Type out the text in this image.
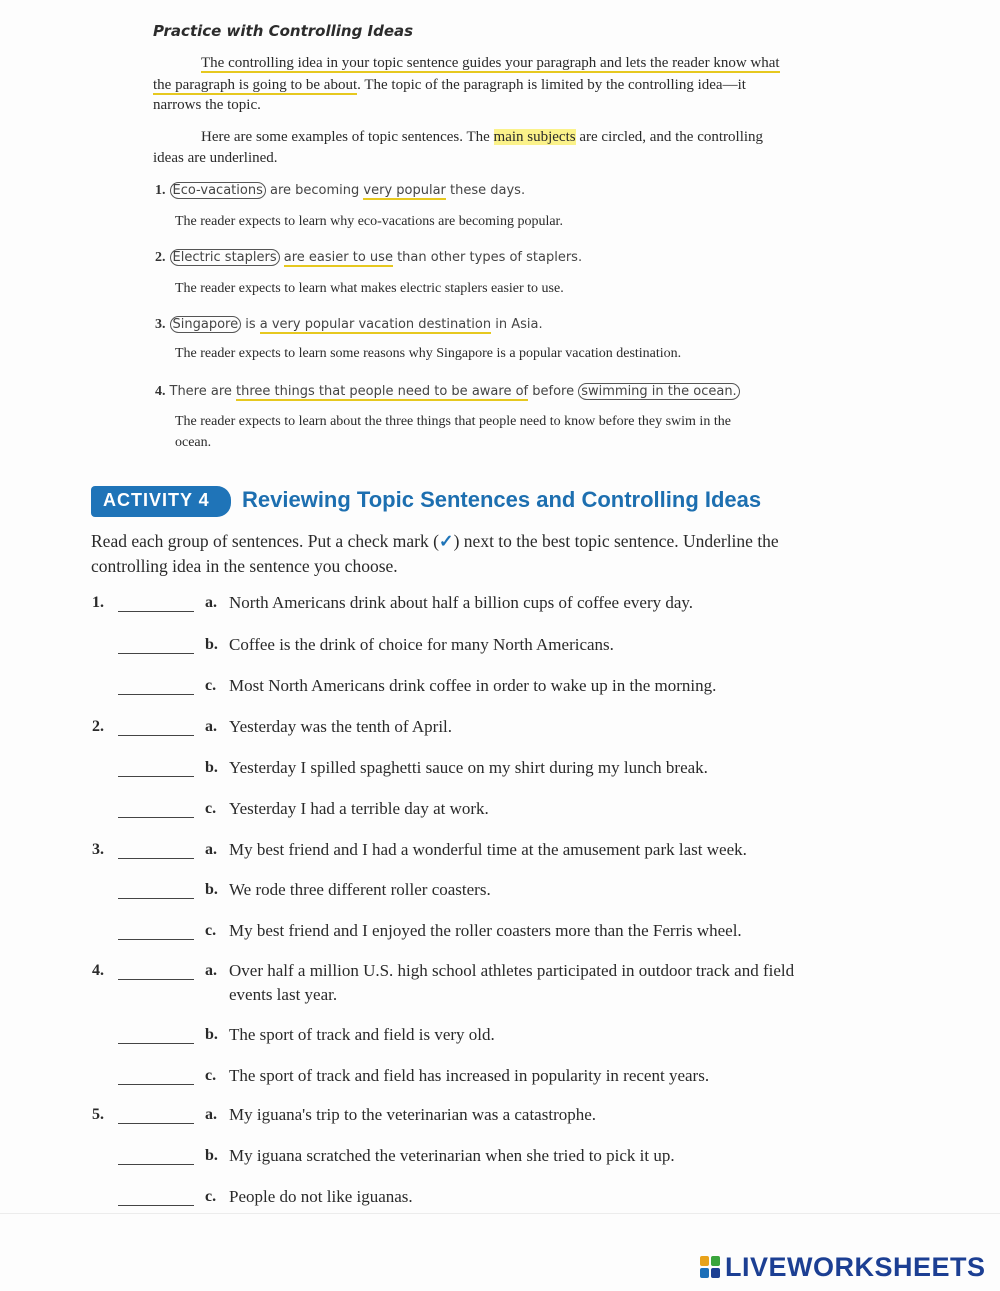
Practice with Controlling Ideas
The controlling idea in your topic sentence guides your paragraph and lets the reader know what
the paragraph is going to be about. The topic of the paragraph is limited by the controlling idea—it
narrows the topic.
Here are some examples of topic sentences. The main subjects are circled, and the controlling
ideas are underlined.
1. Eco-vacations are becoming very popular these days.
The reader expects to learn why eco-vacations are becoming popular.
2. Electric staplers are easier to use than other types of staplers.
The reader expects to learn what makes electric staplers easier to use.
3. Singapore is a very popular vacation destination in Asia.
The reader expects to learn some reasons why Singapore is a popular vacation destination.
4. There are three things that people need to be aware of before swimming in the ocean.
The reader expects to learn about the three things that people need to know before they swim in the
ocean.
ACTIVITY 4 Reviewing Topic Sentences and Controlling Ideas
Read each group of sentences. Put a check mark (✓) next to the best topic sentence. Underline the
controlling idea in the sentence you choose.
1.	a. North Americans drink about half a billion cups of coffee every day.
b. Coffee is the drink of choice for many North Americans.
c. Most North Americans drink coffee in order to wake up in the morning.
2.	a. Yesterday was the tenth of April.
b. Yesterday I spilled spaghetti sauce on my shirt during my lunch break.
c. Yesterday I had a terrible day at work.
3.	a. My best friend and I had a wonderful time at the amusement park last week.
b. We rode three different roller coasters.
c. My best friend and I enjoyed the roller coasters more than the Ferris wheel.
4.	a. Over half a million U.S. high school athletes participated in outdoor track and field
events last year.
b. The sport of track and field is very old.
c. The sport of track and field has increased in popularity in recent years.
5.	a. My iguana's trip to the veterinarian was a catastrophe.
b. My iguana scratched the veterinarian when she tried to pick it up.
c. People do not like iguanas.
LIVEWORKSHEETS
